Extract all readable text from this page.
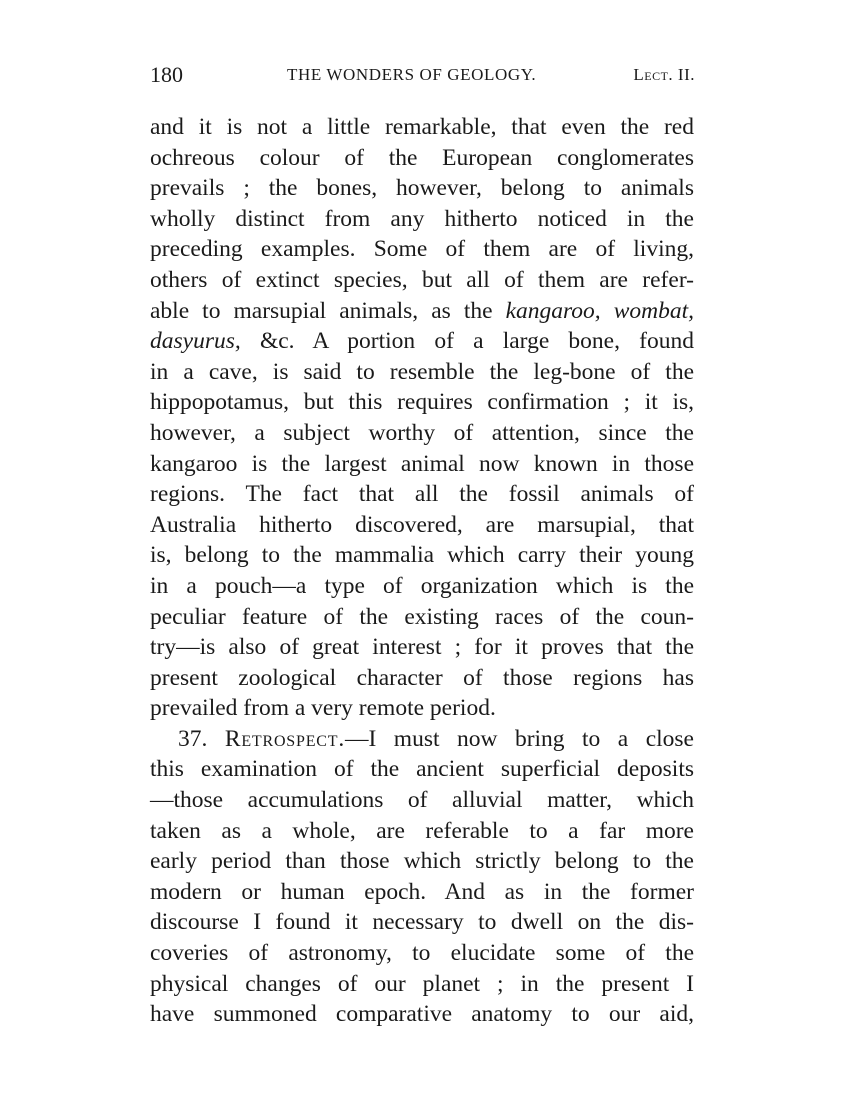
180	THE WONDERS OF GEOLOGY.	Lect. II.
and it is not a little remarkable, that even the red
ochreous colour of the European conglomerates
prevails ; the bones, however, belong to animals
wholly distinct from any hitherto noticed in the
preceding examples. Some of them are of living,
others of extinct species, but all of them are refer-
able to marsupial animals, as the kangaroo, wombat,
dasyurus, &c. A portion of a large bone, found
in a cave, is said to resemble the leg-bone of the
hippopotamus, but this requires confirmation ; it is,
however, a subject worthy of attention, since the
kangaroo is the largest animal now known in those
regions. The fact that all the fossil animals of
Australia hitherto discovered, are marsupial, that
is, belong to the mammalia which carry their young
in a pouch—a type of organization which is the
peculiar feature of the existing races of the coun-
try—is also of great interest ; for it proves that the
present zoological character of those regions has
prevailed from a very remote period.
37. Retrospect.—I must now bring to a close
this examination of the ancient superficial deposits
—those accumulations of alluvial matter, which
taken as a whole, are referable to a far more
early period than those which strictly belong to the
modern or human epoch. And as in the former
discourse I found it necessary to dwell on the dis-
coveries of astronomy, to elucidate some of the
physical changes of our planet ; in the present I
have summoned comparative anatomy to our aid,
